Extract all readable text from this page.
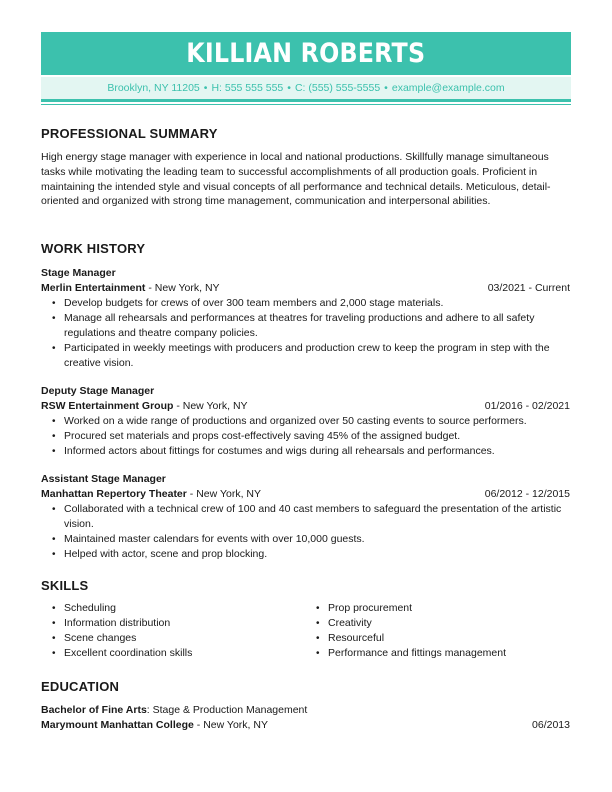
KILLIAN ROBERTS
Brooklyn, NY 11205 • H: 555 555 555 • C: (555) 555-5555 • example@example.com
PROFESSIONAL SUMMARY

High energy stage manager with experience in local and national productions. Skillfully manage simultaneous tasks while motivating the leading team to successful accomplishments of all production goals. Proficient in maintaining the intended style and visual concepts of all performance and technical details. Meticulous, detail-oriented and organized with strong time management, communication and interpersonal abilities.

WORK HISTORY
Stage Manager
Merlin Entertainment - New York, NY	03/2021 - Current
• Develop budgets for crews of over 300 team members and 2,000 stage materials.
• Manage all rehearsals and performances at theatres for traveling productions and adhere to all safety regulations and theatre company policies.
• Participated in weekly meetings with producers and production crew to keep the program in step with the creative vision.
Deputy Stage Manager
RSW Entertainment Group - New York, NY	01/2016 - 02/2021
• Worked on a wide range of productions and organized over 50 casting events to source performers.
• Procured set materials and props cost-effectively saving 45% of the assigned budget.
• Informed actors about fittings for costumes and wigs during all rehearsals and performances.
Assistant Stage Manager
Manhattan Repertory Theater - New York, NY	06/2012 - 12/2015
• Collaborated with a technical crew of 100 and 40 cast members to safeguard the presentation of the artistic vision.
• Maintained master calendars for events with over 10,000 guests.
• Helped with actor, scene and prop blocking.
SKILLS
• Scheduling
• Information distribution
• Scene changes
• Excellent coordination skills
• Prop procurement
• Creativity
• Resourceful
• Performance and fittings management
EDUCATION
Bachelor of Fine Arts: Stage & Production Management
Marymount Manhattan College - New York, NY	06/2013
